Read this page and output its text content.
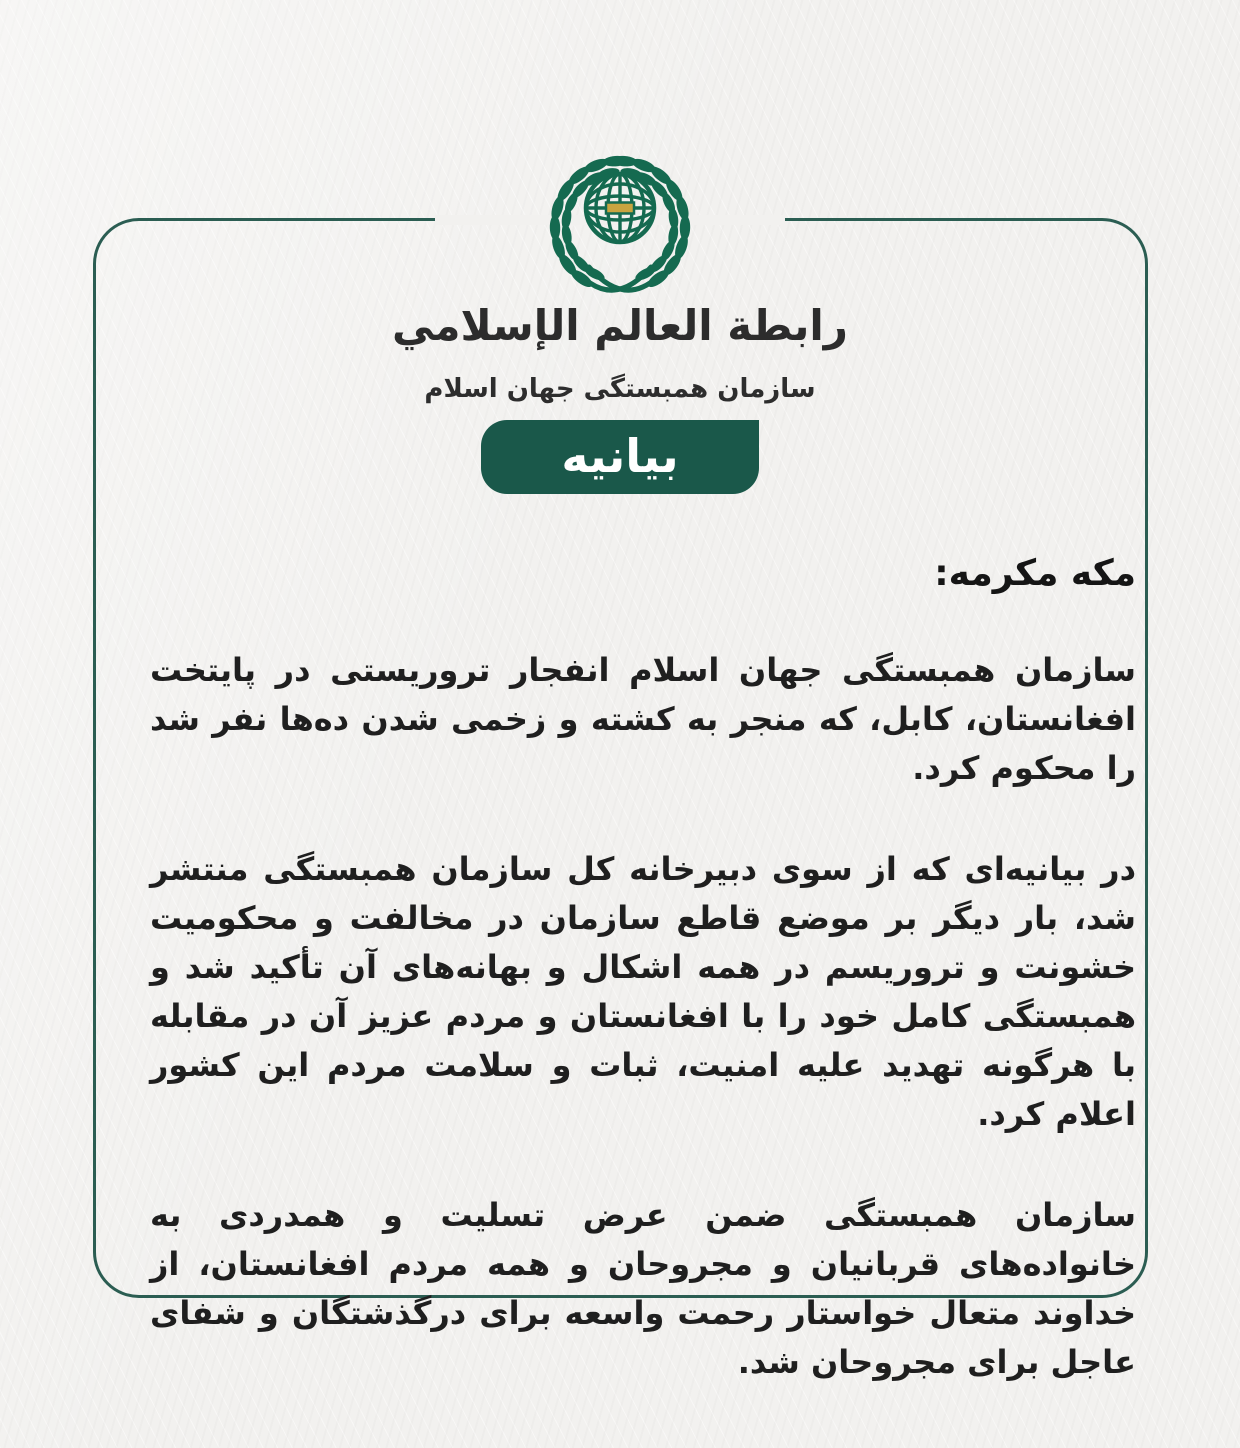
رابطة العالم الإسلامي
سازمان همبستگی جهان اسلام
بیانیه
مکه مکرمه:

سازمان همبستگی جهان اسلام انفجار تروریستی در پایتخت افغانستان، کابل، که منجر به کشته و زخمی شدن ده‌ها نفر شد را محکوم کرد.

در بیانیه‌ای که از سوی دبیرخانه کل سازمان همبستگی منتشر شد، بار دیگر بر موضع قاطع سازمان در مخالفت و محکومیت خشونت و تروریسم در همه اشکال و بهانه‌های آن تأکید شد و همبستگی کامل خود را با افغانستان و مردم عزیز آن در مقابله با هرگونه تهدید علیه امنیت، ثبات و سلامت مردم این کشور اعلام کرد.

سازمان همبستگی ضمن عرض تسلیت و همدردی به خانواده‌های قربانیان و مجروحان و همه مردم افغانستان، از خداوند متعال خواستار رحمت واسعه برای درگذشتگان و شفای عاجل برای مجروحان شد.
